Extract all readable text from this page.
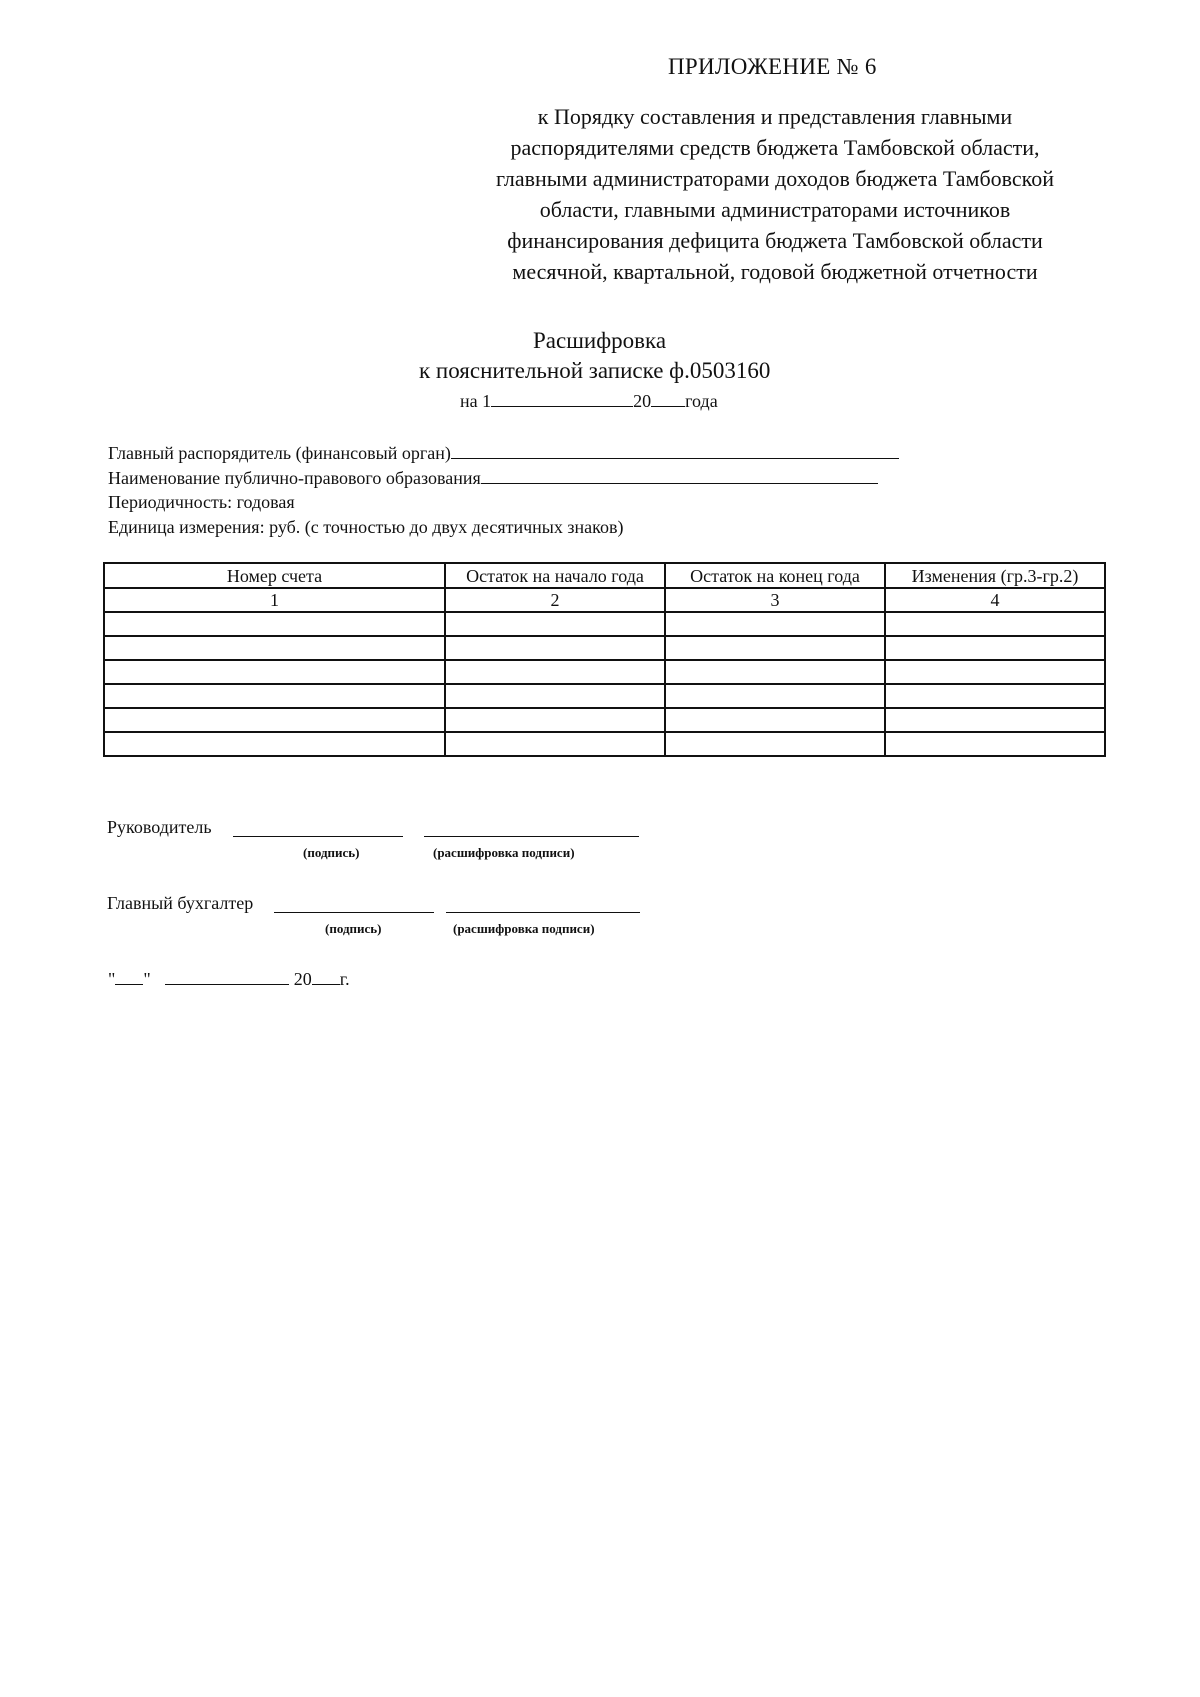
ПРИЛОЖЕНИЕ № 6
к Порядку составления и представления главными
распорядителями средств бюджета Тамбовской области,
главными администраторами доходов бюджета Тамбовской
области, главными администраторами источников
финансирования дефицита бюджета Тамбовской области
месячной, квартальной, годовой бюджетной отчетности
Расшифровка
к пояснительной записке ф.0503160
на 1	20 года
Главный распорядитель (финансовый орган)
Наименование публично-правового образования
Периодичность: годовая
Единица измерения: руб. (с точностью до двух десятичных знаков)
Номер счета	Остаток на начало года	Остаток на конец года	Изменения (гр.3-гр.2)
1	2	3	4

Руководитель
(подпись)	(расшифровка подписи)
Главный бухгалтер
(подпись)	(расшифровка подписи)
" "	20 г.
